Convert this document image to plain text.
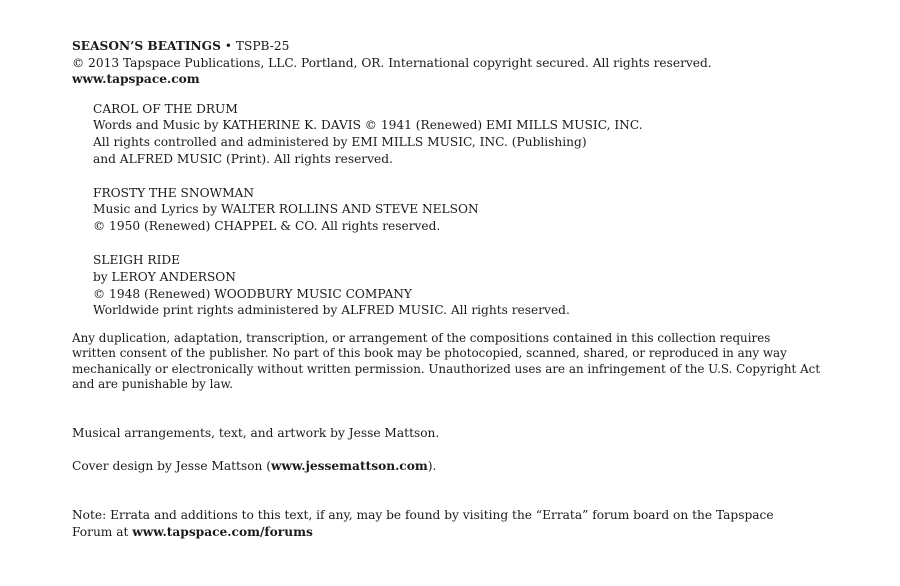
SEASON’S BEATINGS • TSPB-25
© 2013 Tapspace Publications, LLC. Portland, OR. International copyright secured. All rights reserved.
www.tapspace.com
CAROL OF THE DRUM
Words and Music by KATHERINE K. DAVIS © 1941 (Renewed) EMI MILLS MUSIC, INC.
All rights controlled and administered by EMI MILLS MUSIC, INC. (Publishing)
and ALFRED MUSIC (Print). All rights reserved.
FROSTY THE SNOWMAN
Music and Lyrics by WALTER ROLLINS AND STEVE NELSON
© 1950 (Renewed) CHAPPEL & CO. All rights reserved.
SLEIGH RIDE
by LEROY ANDERSON
© 1948 (Renewed) WOODBURY MUSIC COMPANY
Worldwide print rights administered by ALFRED MUSIC. All rights reserved.
Any duplication, adaptation, transcription, or arrangement of the compositions contained in this collection requires
written consent of the publisher. No part of this book may be photocopied, scanned, shared, or reproduced in any way
mechanically or electronically without written permission. Unauthorized uses are an infringement of the U.S. Copyright Act
and are punishable by law.
Musical arrangements, text, and artwork by Jesse Mattson.
Cover design by Jesse Mattson (www.jessemattson.com).
Note: Errata and additions to this text, if any, may be found by visiting the “Errata” forum board on the Tapspace
Forum at www.tapspace.com/forums
